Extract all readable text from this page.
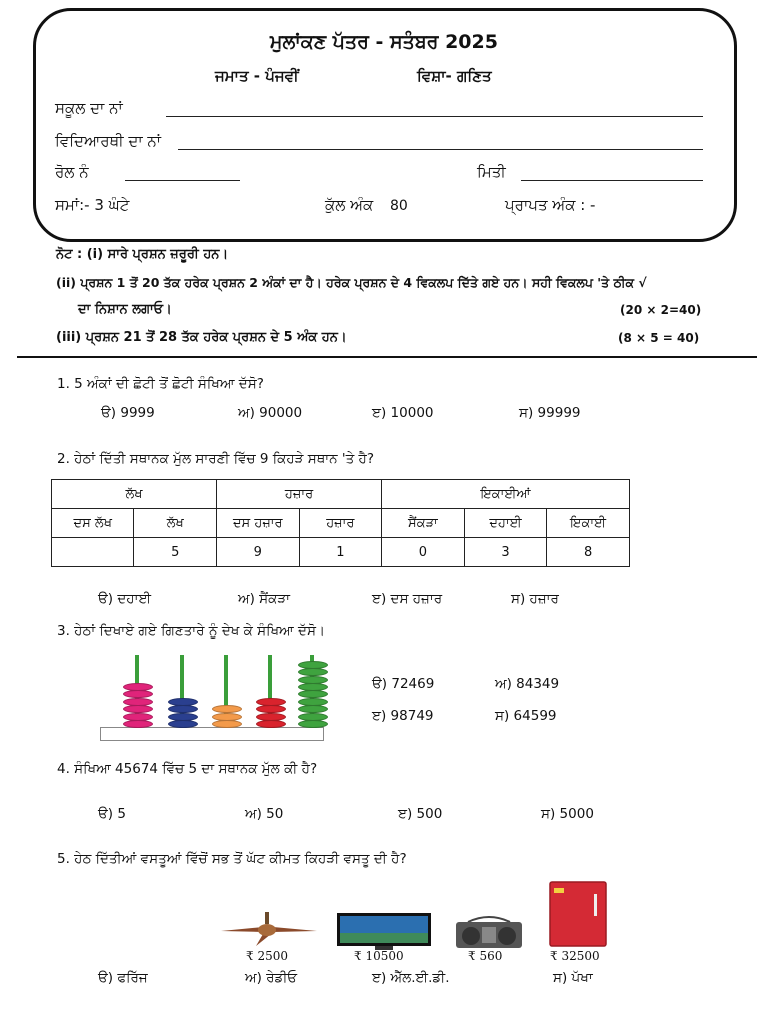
ਮੁਲਾਂਕਣ ਪੱਤਰ - ਸਤੰਬਰ 2025
ਜਮਾਤ - ਪੰਜਵੀਂ	ਵਿਸ਼ਾ- ਗਣਿਤ
ਸਕੂਲ ਦਾ ਨਾਂ
ਵਿਦਿਆਰਥੀ ਦਾ ਨਾਂ
ਰੋਲ ਨੰ	ਮਿਤੀ
ਸਮਾਂ:- 3 ਘੰਟੇ	ਕੁੱਲ ਅੰਕ 80	ਪ੍ਰਾਪਤ ਅੰਕ : -
ਨੋਟ : (i) ਸਾਰੇ ਪ੍ਰਸ਼ਨ ਜ਼ਰੂਰੀ ਹਨ।
(ii) ਪ੍ਰਸ਼ਨ 1 ਤੋਂ 20 ਤੱਕ ਹਰੇਕ ਪ੍ਰਸ਼ਨ 2 ਅੰਕਾਂ ਦਾ ਹੈ। ਹਰੇਕ ਪ੍ਰਸ਼ਨ ਦੇ 4 ਵਿਕਲਪ ਦਿੱਤੇ ਗਏ ਹਨ। ਸਹੀ ਵਿਕਲਪ 'ਤੇ ਠੀਕ √
ਦਾ ਨਿਸ਼ਾਨ ਲਗਾਓ।	(20 × 2=40)
(iii) ਪ੍ਰਸ਼ਨ 21 ਤੋਂ 28 ਤੱਕ ਹਰੇਕ ਪ੍ਰਸ਼ਨ ਦੇ 5 ਅੰਕ ਹਨ।	(8 × 5 = 40)
1. 5 ਅੰਕਾਂ ਦੀ ਛੋਟੀ ਤੋਂ ਛੋਟੀ ਸੰਖਿਆ ਦੱਸੋ?
ੳ) 9999	ਅ) 90000	ੲ) 10000	ਸ) 99999
2. ਹੇਠਾਂ ਦਿੱਤੀ ਸਥਾਨਕ ਮੁੱਲ ਸਾਰਣੀ ਵਿੱਚ 9 ਕਿਹੜੇ ਸਥਾਨ 'ਤੇ ਹੈ?
ਲੱਖ		ਹਜ਼ਾਰ		ਇਕਾਈਆਂ		
ਦਸ ਲੱਖ	ਲੱਖ	ਦਸ ਹਜ਼ਾਰ	ਹਜ਼ਾਰ	ਸੈਂਕੜਾ	ਦਹਾਈ	ਇਕਾਈ
	5	9	1	0	3	8
ੳ) ਦਹਾਈ	ਅ) ਸੈਂਕੜਾ	ੲ) ਦਸ ਹਜ਼ਾਰ	ਸ) ਹਜ਼ਾਰ
3. ਹੇਠਾਂ ਦਿਖਾਏ ਗਏ ਗਿਣਤਾਰੇ ਨੂੰ ਦੇਖ ਕੇ ਸੰਖਿਆ ਦੱਸੋ।
ੳ) 72469	ਅ) 84349
ੲ) 98749	ਸ) 64599
4. ਸੰਖਿਆ 45674 ਵਿੱਚ 5 ਦਾ ਸਥਾਨਕ ਮੁੱਲ ਕੀ ਹੈ?
ੳ) 5	ਅ) 50	ੲ) 500	ਸ) 5000
5. ਹੇਠ ਦਿੱਤੀਆਂ ਵਸਤੂਆਂ ਵਿੱਚੋਂ ਸਭ ਤੋਂ ਘੱਟ ਕੀਮਤ ਕਿਹੜੀ ਵਸਤੂ ਦੀ ਹੈ?
₹ 2500	₹ 10500	₹ 560	₹ 32500
ੳ) ਫਰਿੱਜ	ਅ) ਰੇਡੀਓ	ੲ) ਐੱਲ.ਈ.ਡੀ.	ਸ) ਪੱਖਾ
